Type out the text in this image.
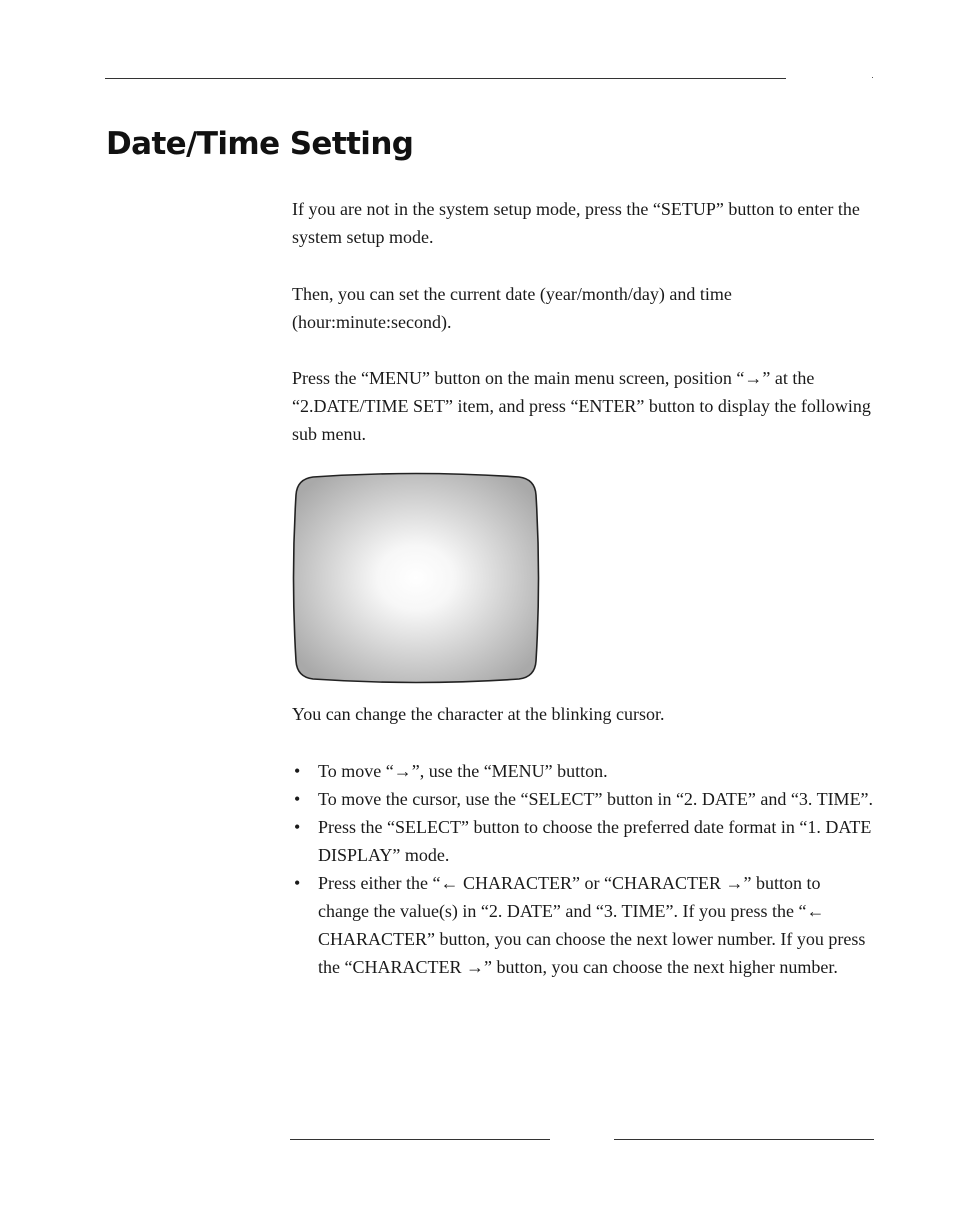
Date/Time Setting

If you are not in the system setup mode, press the “SETUP” button to enter the system setup mode.

Then, you can set the current date (year/month/day) and time (hour:minute:second).

Press the “MENU” button on the main menu screen, position “→” at the “2.DATE/TIME SET” item, and press “ENTER” button to display the following sub menu.

You can change the character at the blinking cursor.

• To move “→”, use the “MENU” button.
• To move the cursor, use the “SELECT” button in “2. DATE” and “3. TIME”.
• Press the “SELECT” button to choose the preferred date format in “1. DATE DISPLAY” mode.
• Press either the “← CHARACTER” or “CHARACTER →” button to change the value(s) in “2. DATE” and “3. TIME”. If you press the “← CHARACTER” button, you can choose the next lower number. If you press the “CHARACTER →” button, you can choose the next higher number.
